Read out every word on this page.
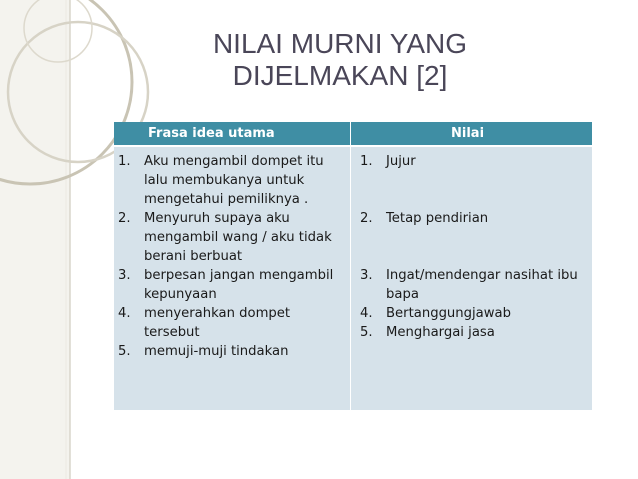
NILAI MURNI YANG
DIJELMAKAN [2]
Frasa idea utama	Nilai
1. Aku mengambil dompet itu lalu membukanya untuk mengetahui pemiliknya .
2. Menyuruh supaya aku mengambil wang / aku tidak berani berbuat
3. berpesan jangan mengambil kepunyaan
4. menyerahkan dompet tersebut
5. memuji-muji tindakan
1. Jujur
2. Tetap pendirian
3. Ingat/mendengar nasihat ibu bapa
4. Bertanggungjawab
5. Menghargai jasa
